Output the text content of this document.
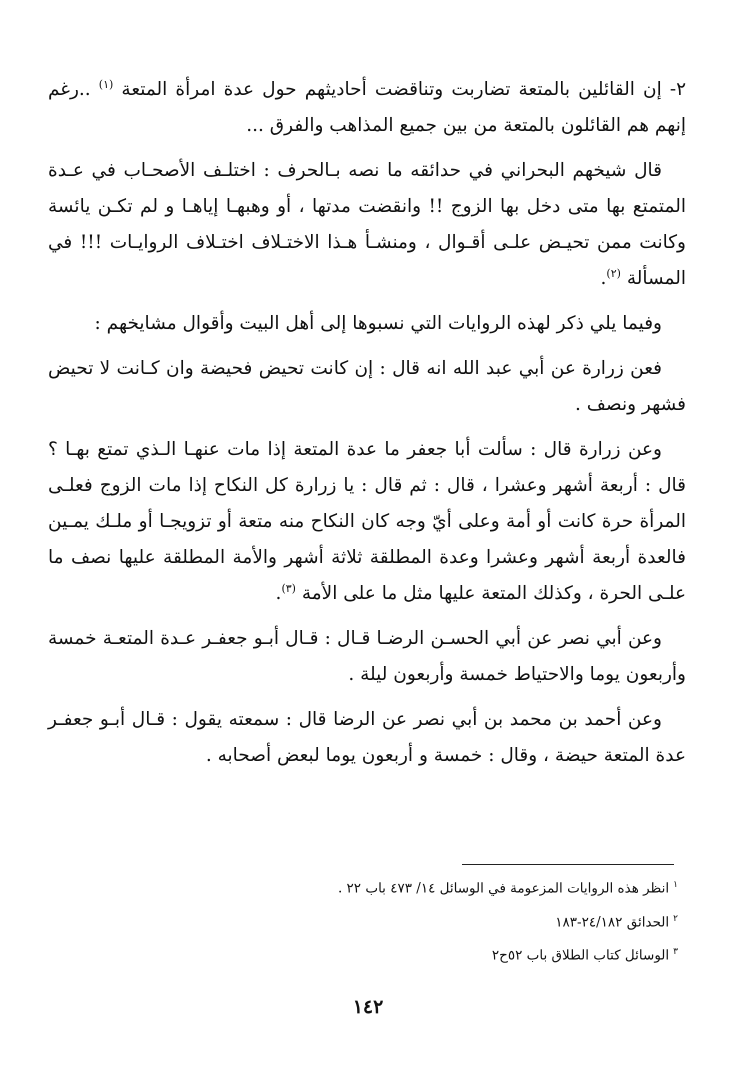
٢- إن القائلين بالمتعة تضاربت وتناقضت أحاديثهم حول عدة امرأة المتعة $^{(١)}$ ..رغم إنهم هم القائلون بالمتعة من بين جميع المذاهب والفرق ...

قال شيخهم البحراني في حدائقه ما نصه بـالحرف : اختلـف الأصحـاب في عـدة المتمتع بها متى دخل بها الزوج !! وانقضت مدتها ، أو وهبهـا إياهـا و لم تكـن يائسة وكانت ممن تحيـض علـى أقـوال ، ومنشـأ هـذا الاختـلاف اختـلاف الروايـات !!! في المسألة $^{(٢)}$.

وفيما يلي ذكر لهذه الروايات التي نسبوها إلى أهل البيت وأقوال مشايخهم :

فعن زرارة عن أبي عبد الله انه قال : إن كانت تحيض فحيضة وان كـانت لا تحيض فشهر ونصف .

وعن زرارة قال : سألت أبا جعفر ما عدة المتعة إذا مات عنهـا الـذي تمتع بهـا ؟ قال : أربعة أشهر وعشرا ، قال : ثم قال : يا زرارة كل النكاح إذا مات الزوج فعلـى المرأة حرة كانت أو أمة وعلى أيّ وجه كان النكاح منه متعة أو تزويجـا أو ملـك يمـين فالعدة أربعة أشهر وعشرا وعدة المطلقة ثلاثة أشهر والأمة المطلقة عليها نصف ما علـى الحرة ، وكذلك المتعة عليها مثل ما على الأمة $^{(٣)}$.

وعن أبي نصر عن أبي الحسـن الرضـا قـال : قـال أبـو جعفـر عـدة المتعـة خمسة وأربعون يوما والاحتياط خمسة وأربعون ليلة .

وعن أحمد بن محمد بن أبي نصر عن الرضا قال : سمعته يقول : قـال أبـو جعفـر عدة المتعة حيضة ، وقال : خمسة و أربعون يوما لبعض أصحابه .

$^١$انظر هذه الروايات المزعومة في الوسائل ١٤/ ٤٧٣ باب ٢٢ .

$^٢$الحدائق ٢٤/١٨٢-١٨٣

$^٣$الوسائل كتاب الطلاق باب ٥٢ح٢

١٤٢
